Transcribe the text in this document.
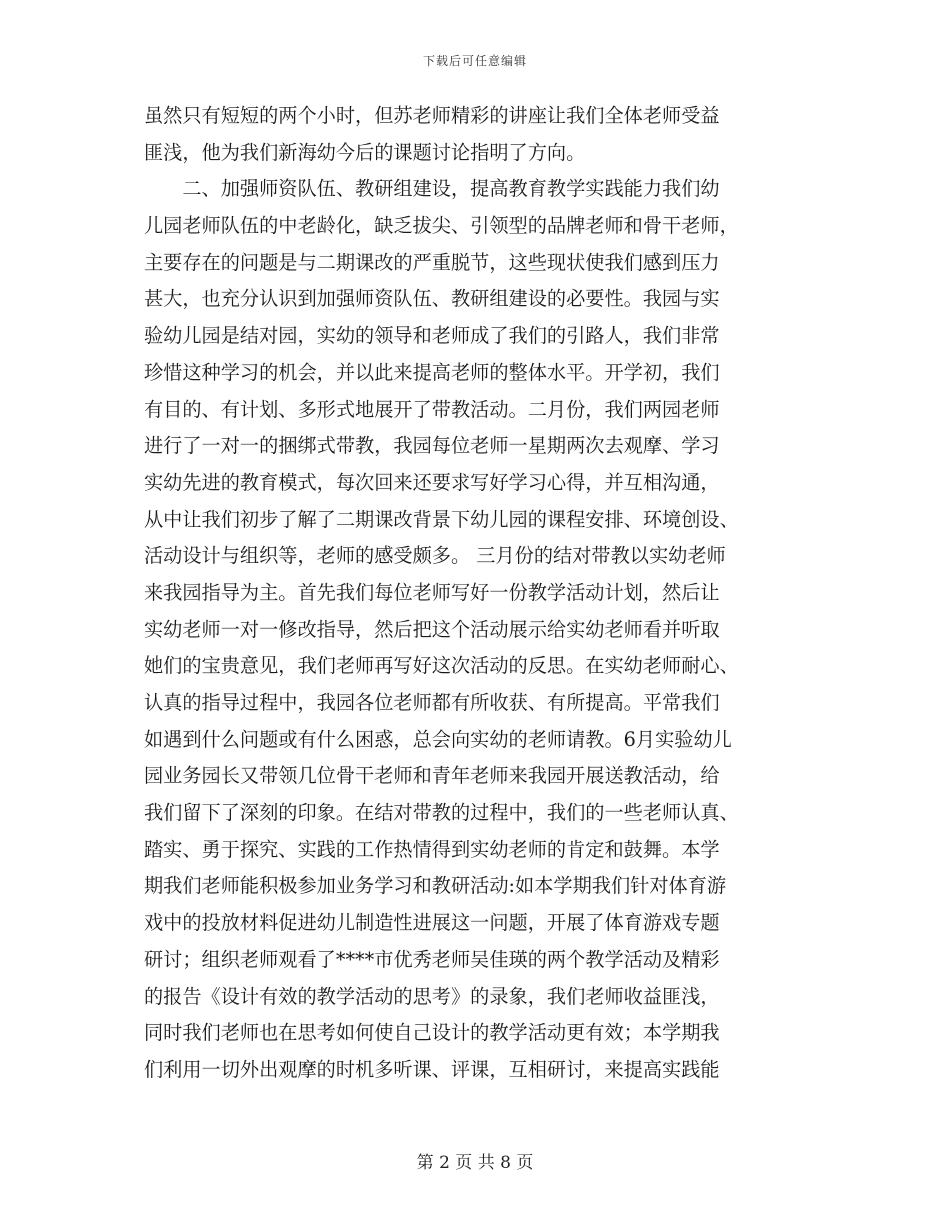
下载后可任意编辑
虽然只有短短的两个小时，但苏老师精彩的讲座让我们全体老师受益
匪浅，他为我们新海幼今后的课题讨论指明了方向。
　　二、加强师资队伍、教研组建设，提高教育教学实践能力我们幼
儿园老师队伍的中老龄化，缺乏拔尖、引领型的品牌老师和骨干老师，
主要存在的问题是与二期课改的严重脱节，这些现状使我们感到压力
甚大，也充分认识到加强师资队伍、教研组建设的必要性。我园与实
验幼儿园是结对园，实幼的领导和老师成了我们的引路人，我们非常
珍惜这种学习的机会，并以此来提高老师的整体水平。开学初，我们
有目的、有计划、多形式地展开了带教活动。二月份，我们两园老师
进行了一对一的捆绑式带教，我园每位老师一星期两次去观摩、学习
实幼先进的教育模式，每次回来还要求写好学习心得，并互相沟通，
从中让我们初步了解了二期课改背景下幼儿园的课程安排、环境创设、
活动设计与组织等，老师的感受颇多。 三月份的结对带教以实幼老师
来我园指导为主。首先我们每位老师写好一份教学活动计划，然后让
实幼老师一对一修改指导，然后把这个活动展示给实幼老师看并听取
她们的宝贵意见，我们老师再写好这次活动的反思。在实幼老师耐心、
认真的指导过程中，我园各位老师都有所收获、有所提高。平常我们
如遇到什么问题或有什么困惑，总会向实幼的老师请教。6月实验幼儿
园业务园长又带领几位骨干老师和青年老师来我园开展送教活动，给
我们留下了深刻的印象。在结对带教的过程中，我们的一些老师认真、
踏实、勇于探究、实践的工作热情得到实幼老师的肯定和鼓舞。本学
期我们老师能积极参加业务学习和教研活动:如本学期我们针对体育游
戏中的投放材料促进幼儿制造性进展这一问题，开展了体育游戏专题
研讨；组织老师观看了****市优秀老师吴佳瑛的两个教学活动及精彩
的报告《设计有效的教学活动的思考》的录象，我们老师收益匪浅，
同时我们老师也在思考如何使自己设计的教学活动更有效；本学期我
们利用一切外出观摩的时机多听课、评课，互相研讨，来提高实践能
第 2 页 共 8 页
